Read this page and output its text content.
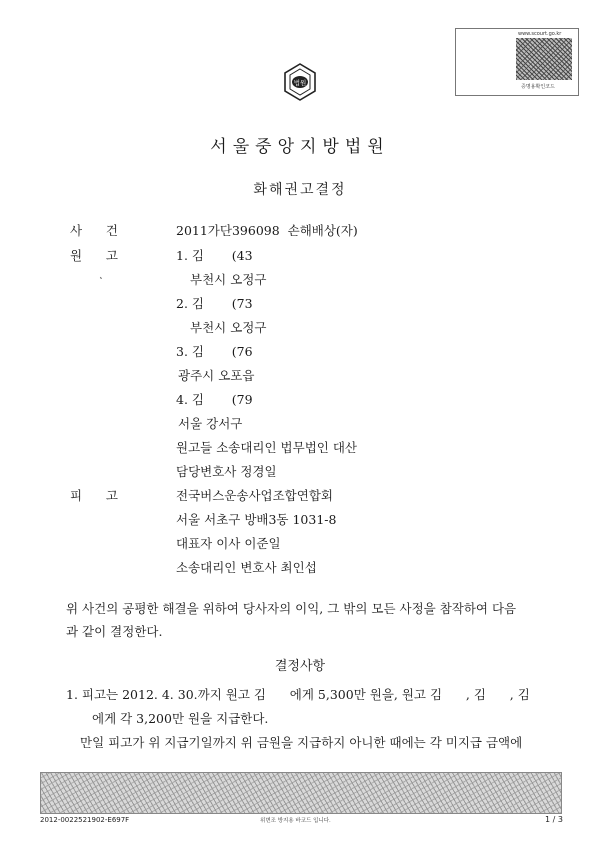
www.scourt.go.kr
증명용확인코드
법원
서울중앙지방법원
화해권고결정
사      건	2011가단396098  손해배상(자)
원      고
ㆍ
1. 김       (43
부천시 오정구
2. 김       (73
부천시 오정구
3. 김       (76
광주시 오포읍
4. 김       (79
서울 강서구
원고들 소송대리인 법무법인 대산
담당변호사 정경일
피      고	전국버스운송사업조합연합회
서울 서초구 방배3동 1031-8
대표자 이사 이준일
소송대리인 변호사 최인섭
위 사건의 공평한 해결을 위하여 당사자의 이익, 그 밖의 모든 사정을 참작하여 다음
과 같이 결정한다.
결정사항
1. 피고는 2012. 4. 30.까지 원고 김      에게 5,300만 원을, 원고 김      , 김      , 김
에게 각 3,200만 원을 지급한다.
만일 피고가 위 지급기일까지 위 금원을 지급하지 아니한 때에는 각 미지급 금액에
2012-0022521902-E697F	위변조 방지용 바코드 입니다.	1 / 3
